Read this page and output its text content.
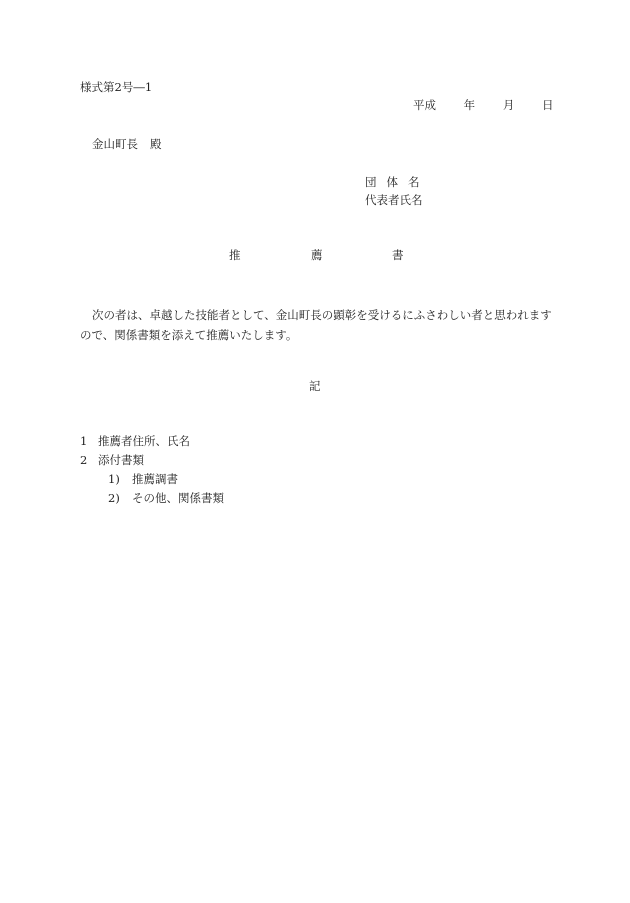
様式第2号―1
平成 年 月 日
金山町長 殿
団体名
代表者氏名
推	薦	書
次の者は、卓越した技能者として、金山町長の顕彰を受けるにふさわしい者と思われますので、関係書類を添えて推薦いたします。
記
1 推薦者住所、氏名
2 添付書類
1) 推薦調書
2) その他、関係書類
